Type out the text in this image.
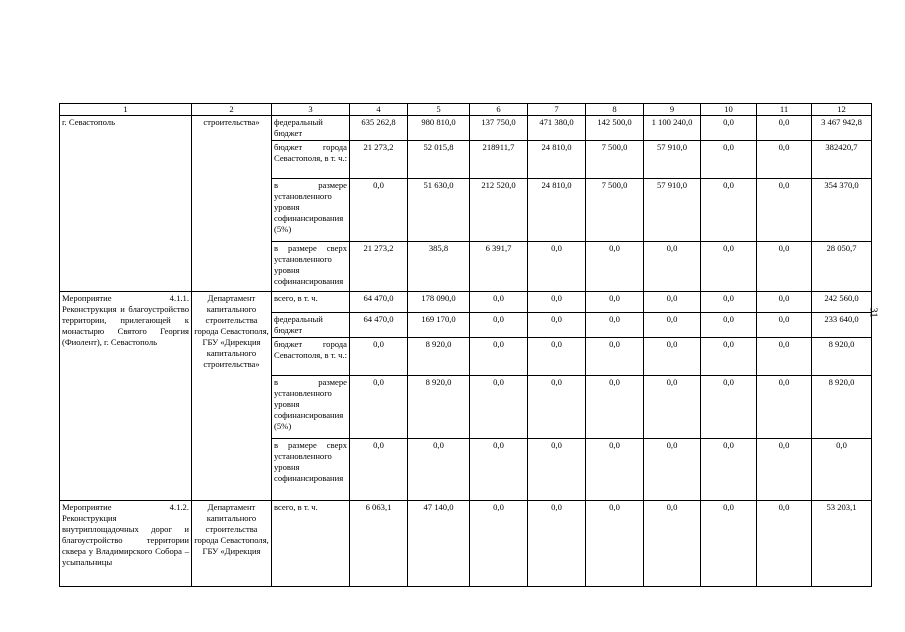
1	2	3	4	5	6	7	8	9	10	11	12
г. Севастополь	строительства»	федеральный бюджет	635 262,8	980 810,0	137 750,0	471 380,0	142 500,0	1 100 240,0	0,0	0,0	3 467 942,8
		бюджет города Севастополя, в т. ч.:	21 273,2	52 015,8	218911,7	24 810,0	7 500,0	57 910,0	0,0	0,0	382420,7
		в размере установленного уровня софинансирования (5%)	0,0	51 630,0	212 520,0	24 810,0	7 500,0	57 910,0	0,0	0,0	354 370,0
		в размере сверх установленного уровня софинансирования	21 273,2	385,8	6 391,7	0,0	0,0	0,0	0,0	0,0	28 050,7
Мероприятие 4.1.1. Реконструкция и благоустройство территории, прилегающей к монастырю Святого Георгия (Фиолент), г. Севастополь	Департамент капитального строительства города Севастополя, ГБУ «Дирекция капитального строительства»	всего, в т. ч.	64 470,0	178 090,0	0,0	0,0	0,0	0,0	0,0	0,0	242 560,0
		федеральный бюджет	64 470,0	169 170,0	0,0	0,0	0,0	0,0	0,0	0,0	233 640,0
		бюджет города Севастополя, в т. ч.:	0,0	8 920,0	0,0	0,0	0,0	0,0	0,0	0,0	8 920,0
		в размере установленного уровня софинансирования (5%)	0,0	8 920,0	0,0	0,0	0,0	0,0	0,0	0,0	8 920,0
		в размере сверх установленного уровня софинансирования	0,0	0,0	0,0	0,0	0,0	0,0	0,0	0,0	0,0
Мероприятие 4.1.2. Реконструкция внутриплощадочных дорог и благоустройство территории сквера у Владимирского Собора – усыпальницы	Департамент капитального строительства города Севастополя, ГБУ «Дирекция	всего, в т. ч.	6 063,1	47 140,0	0,0	0,0	0,0	0,0	0,0	0,0	53 203,1
31
